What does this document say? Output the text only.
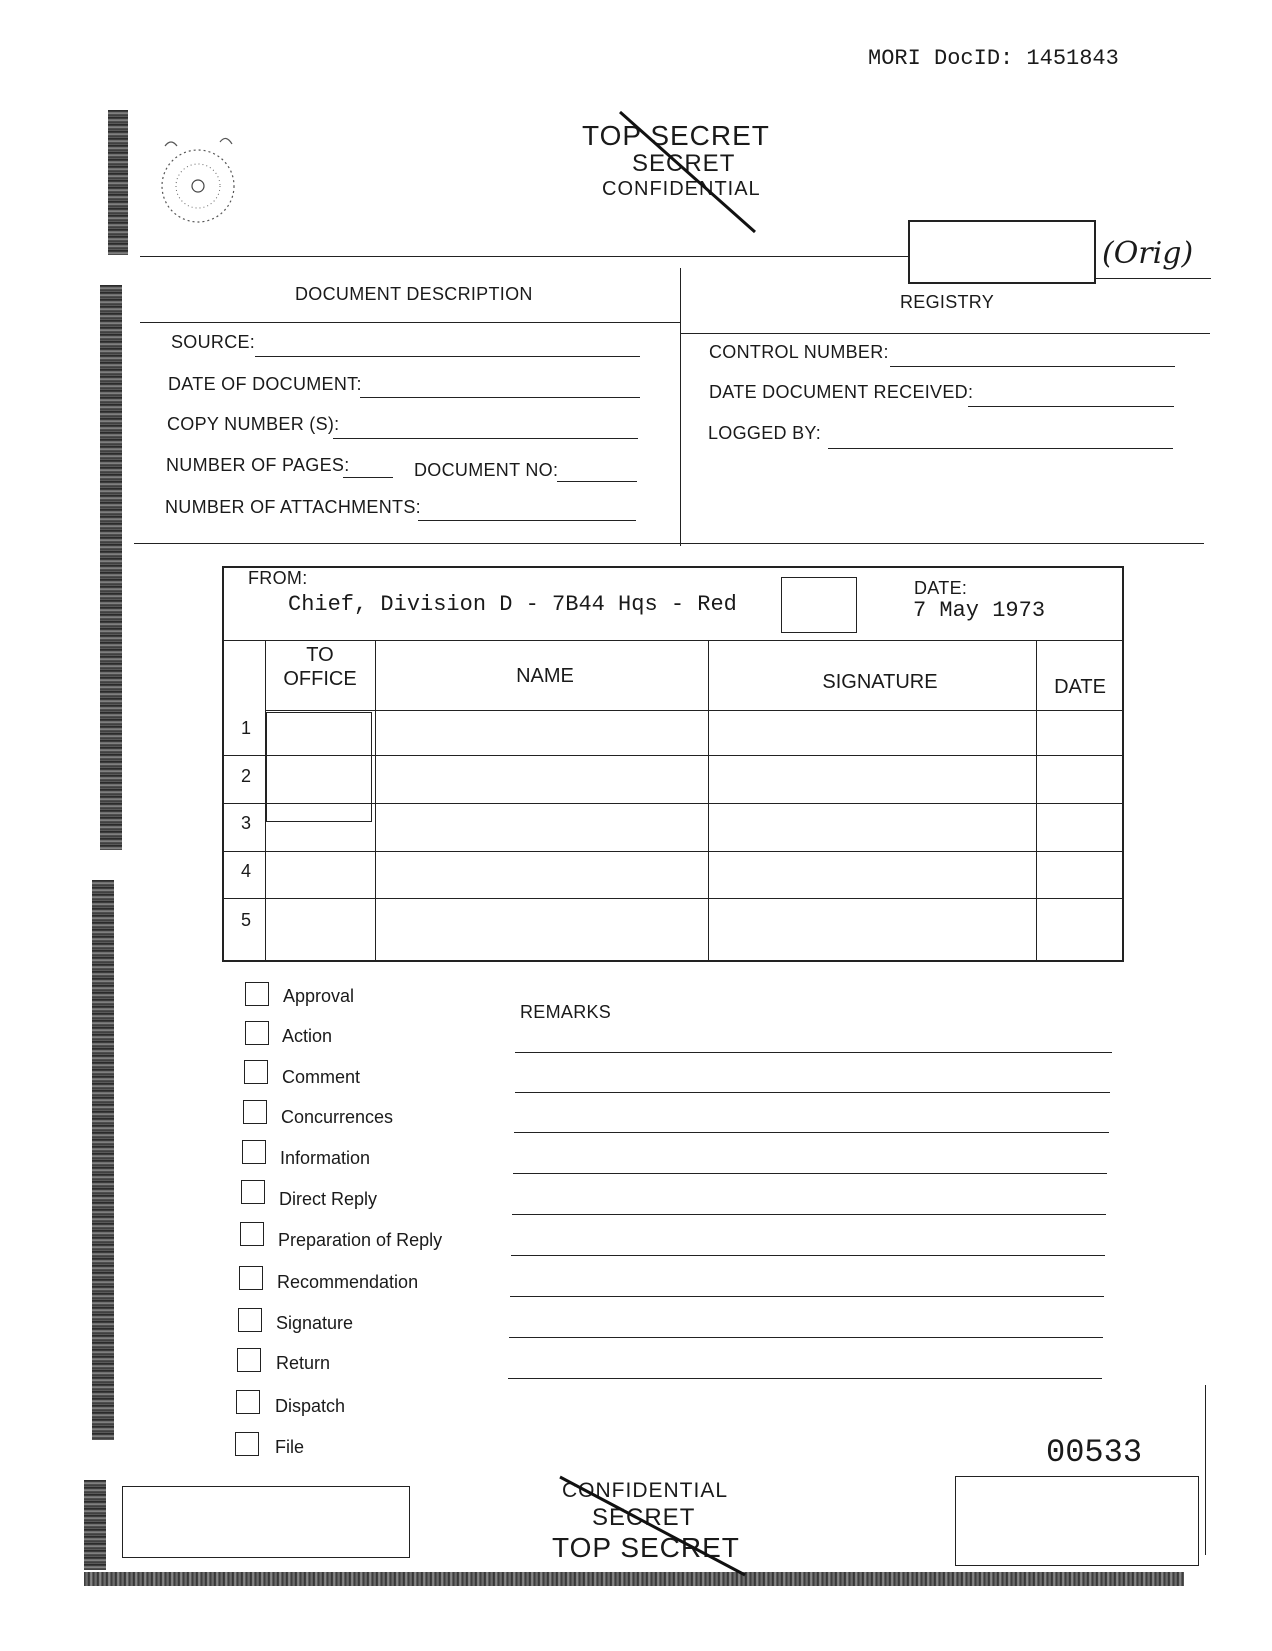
MORI DocID: 1451843
TOP SECRET
SECRET
CONFIDENTIAL
(Orig)
DOCUMENT DESCRIPTION	REGISTRY
SOURCE:
DATE OF DOCUMENT:
COPY NUMBER (S):
NUMBER OF PAGES:	DOCUMENT NO:
NUMBER OF ATTACHMENTS:
CONTROL NUMBER:
DATE DOCUMENT RECEIVED:
LOGGED BY:
FROM:
Chief, Division D - 7B44 Hqs - Red
DATE:
7 May 1973
TO
OFFICE	NAME	SIGNATURE	DATE
1
2
3
4
5
Approval
Action
Comment
Concurrences
Information
Direct Reply
Preparation of Reply
Recommendation
Signature
Return
Dispatch
File
REMARKS
00533
CONFIDENTIAL
SECRET
TOP SECRET
